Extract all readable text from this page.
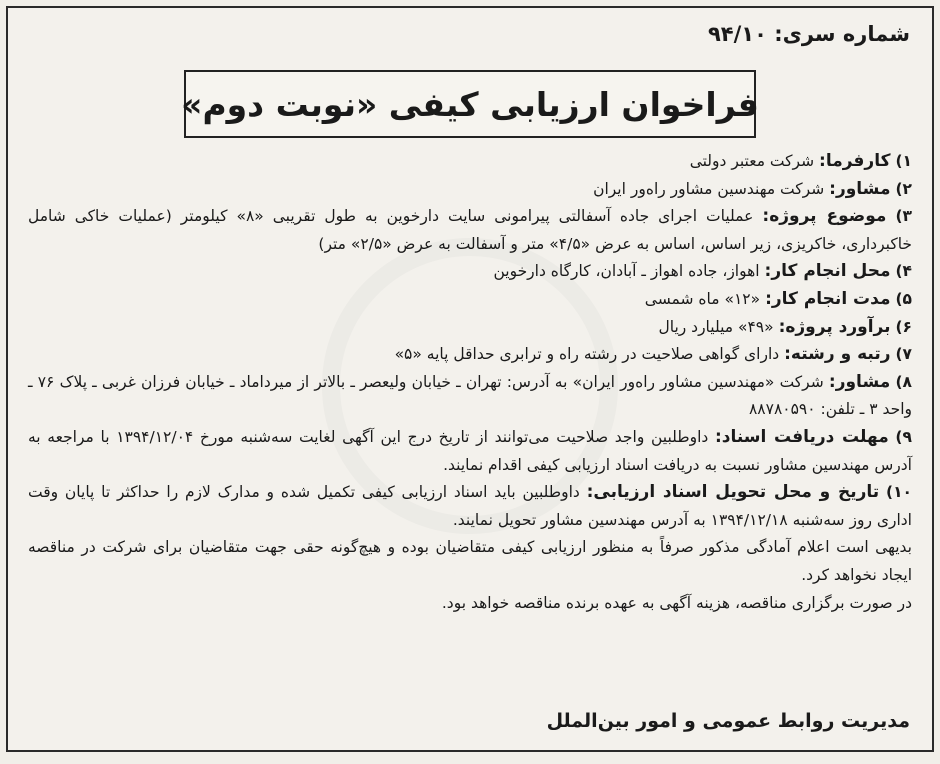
شماره سری: ۹۴/۱۰
فراخوان ارزیابی کیفی «نوبت دوم»

۱) کارفرما: شرکت معتبر دولتی

۲) مشاور: شرکت مهندسین مشاور راه‌ور ایران

۳) موضوع پروژه: عملیات اجرای جاده آسفالتی پیرامونی سایت دارخوین به طول تقریبی «۸» کیلومتر (عملیات خاکی شامل خاکبرداری، خاکریزی، زیر اساس، اساس به عرض «۴/۵» متر و آسفالت به عرض «۲/۵» متر)

۴) محل انجام کار: اهواز، جاده اهواز ـ آبادان، کارگاه دارخوین

۵) مدت انجام کار: «۱۲» ماه شمسی

۶) برآورد پروژه: «۴۹» میلیارد ریال

۷) رتبه و رشته: دارای گواهی صلاحیت در رشته راه و ترابری حداقل پایه «۵»

۸) مشاور: شرکت «مهندسین مشاور راه‌ور ایران» به آدرس: تهران ـ خیابان ولیعصر ـ بالاتر از میرداماد ـ خیابان فرزان غربی ـ پلاک ۷۶ ـ واحد ۳ ـ تلفن: ۸۸۷۸۰۵۹۰

۹) مهلت دریافت اسناد: داوطلبین واجد صلاحیت می‌توانند از تاریخ درج این آگهی لغایت سه‌شنبه مورخ ۱۳۹۴/۱۲/۰۴ با مراجعه به آدرس مهندسین مشاور نسبت به دریافت اسناد ارزیابی کیفی اقدام نمایند.

۱۰) تاریخ و محل تحویل اسناد ارزیابی: داوطلبین باید اسناد ارزیابی کیفی تکمیل شده و مدارک لازم را حداکثر تا پایان وقت اداری روز سه‌شنبه ۱۳۹۴/۱۲/۱۸ به آدرس مهندسین مشاور تحویل نمایند.

بدیهی است اعلام آمادگی مذکور صرفاً به منظور ارزیابی کیفی متقاضیان بوده و هیچ‌گونه حقی جهت متقاضیان برای شرکت در مناقصه ایجاد نخواهد کرد.

در صورت برگزاری مناقصه، هزینه آگهی به عهده برنده مناقصه خواهد بود.

مدیریت روابط عمومی و امور بین‌الملل
